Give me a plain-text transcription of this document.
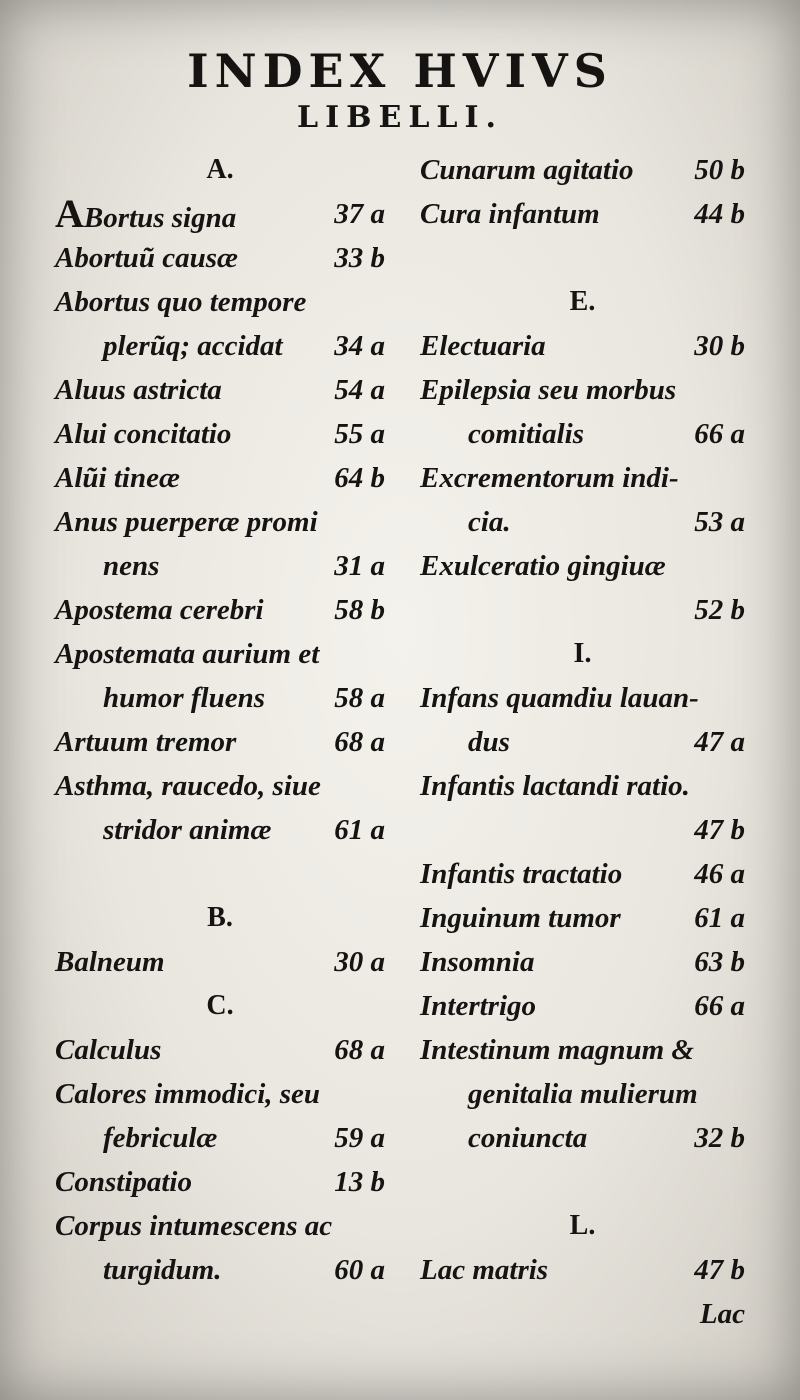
INDEX HVIVS
LIBELLI.
A.
ABortus signa	37 a
Abortuũ causæ	33 b
Abortus quo tempore
plerũq; accidat 34 a
Aluus astricta	54 a
Alui concitatio	55 a
Alũi tineæ	64 b
Anus puerperæ promi
nens	31 a
Apostema cerebri 58 b
Apostemata aurium et
humor fluens 58 a
Artuum tremor	68 a
Asthma, raucedo, siue
stridor animæ 61 a
B.
Balneum	30 a
C.
Calculus	68 a
Calores immodici, seu
febriculæ	59 a
Constipatio	13 b
Corpus intumescens ac
turgidum.	60 a
Cunarum agitatio 50 b
Cura infantum	44 b
E.
Electuaria	30 b
Epilepsia seu morbus
comitialis	66 a
Excrementorum indi-
cia.	53 a
Exulceratio gingiuæ
52 b
I.
Infans quamdiu lauan-
dus	47 a
Infantis lactandi ratio.
47 b
Infantis tractatio 46 a
Inguinum tumor	61 a
Insomnia	63 b
Intertrigo	66 a
Intestinum magnum &
genitalia mulierum
coniuncta	32 b
L.
Lac matris	47 b
Lac
